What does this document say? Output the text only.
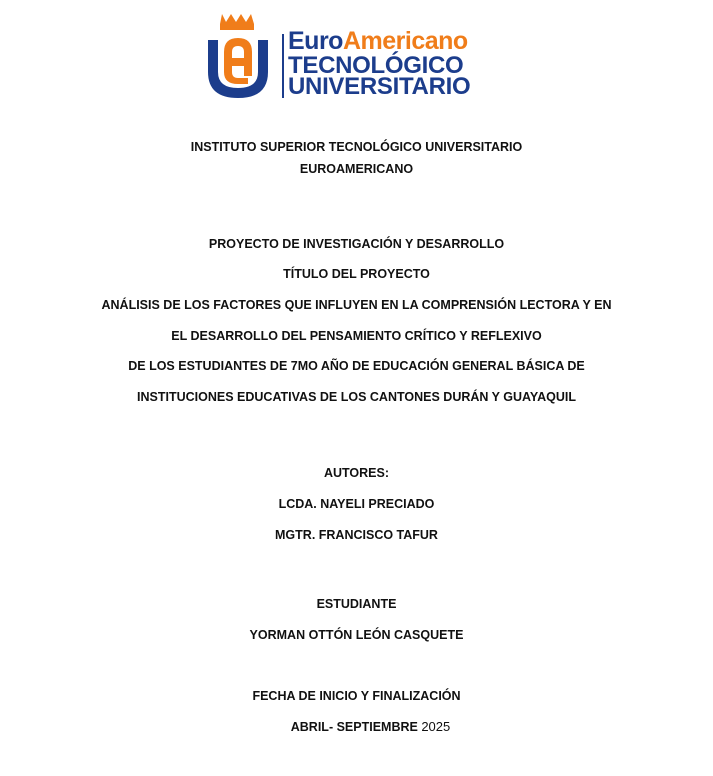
EuroAmericano
TECNOLÓGICO
UNIVERSITARIO
INSTITUTO SUPERIOR TECNOLÓGICO UNIVERSITARIO
EUROAMERICANO
PROYECTO DE INVESTIGACIÓN Y DESARROLLO
TÍTULO DEL PROYECTO
ANÁLISIS DE LOS FACTORES QUE INFLUYEN EN LA COMPRENSIÓN LECTORA Y EN
EL DESARROLLO DEL PENSAMIENTO CRÍTICO Y REFLEXIVO
DE LOS ESTUDIANTES DE 7MO AÑO DE EDUCACIÓN GENERAL BÁSICA DE
INSTITUCIONES EDUCATIVAS DE LOS CANTONES DURÁN Y GUAYAQUIL
AUTORES:
LCDA. NAYELI PRECIADO
MGTR. FRANCISCO TAFUR
ESTUDIANTE
YORMAN OTTÓN LEÓN CASQUETE
FECHA DE INICIO Y FINALIZACIÓN
ABRIL- SEPTIEMBRE 2025
